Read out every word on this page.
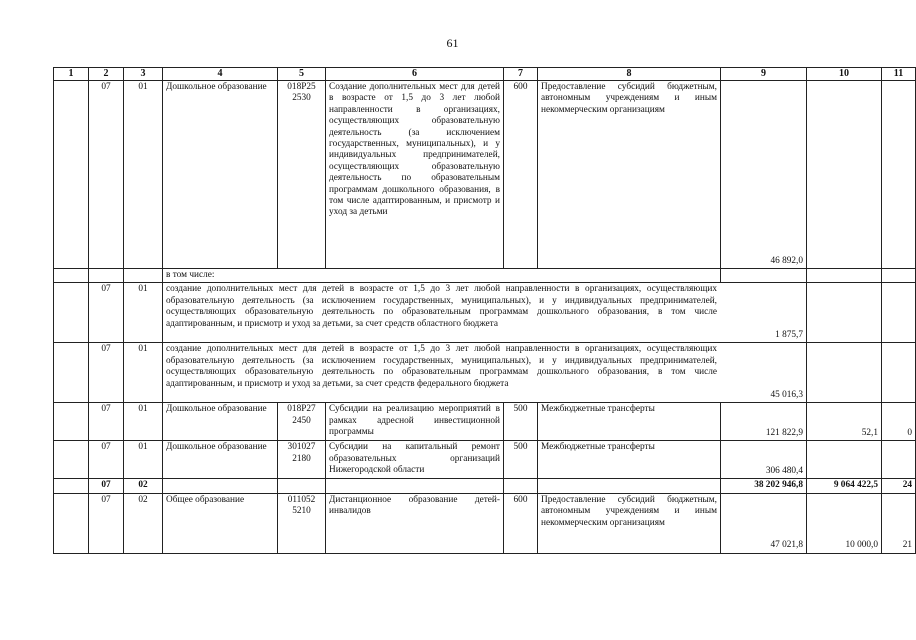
61
1	2	3	4	5	6	7	8	9	10	11
	07	01	Дошкольное образование	018P25 2530	Создание дополнительных мест для детей в возрасте от 1,5 до 3 лет любой направленности в организациях, осуществляющих образовательную деятельность (за исключением государственных, муниципальных), и у индивидуальных предпринимателей, осуществляющих образовательную деятельность по образовательным программам дошкольного образования, в том числе адаптированным, и присмотр и уход за детьми	600	Предоставление субсидий бюджетным, автономным учреждениям и иным некоммерческим организациям	46 892,0		
			в том числе:							
	07	01	создание дополнительных мест для детей в возрасте от 1,5 до 3 лет любой направленности в организациях, осуществляющих образовательную деятельность (за исключением государственных, муниципальных), и у индивидуальных предпринимателей, осуществляющих образовательную деятельность по образовательным программам дошкольного образования, в том числе адаптированным, и присмотр и уход за детьми, за счет средств областного бюджета					1 875,7		
	07	01	создание дополнительных мест для детей в возрасте от 1,5 до 3 лет любой направленности в организациях, осуществляющих образовательную деятельность (за исключением государственных, муниципальных), и у индивидуальных предпринимателей, осуществляющих образовательную деятельность по образовательным программам дошкольного образования, в том числе адаптированным, и присмотр и уход за детьми, за счет средств федерального бюджета					45 016,3		
	07	01	Дошкольное образование	018P27 2450	Субсидии на реализацию мероприятий в рамках адресной инвестиционной программы	500	Межбюджетные трансферты	121 822,9	52,1	0
	07	01	Дошкольное образование	301027 2180	Субсидии на капитальный ремонт образовательных организаций Нижегородской области	500	Межбюджетные трансферты	306 480,4		
	07	02						38 202 946,8	9 064 422,5	24
	07	02	Общее образование	011052 5210	Дистанционное образование детей-инвалидов	600	Предоставление субсидий бюджетным, автономным учреждениям и иным некоммерческим организациям	47 021,8	10 000,0	21
